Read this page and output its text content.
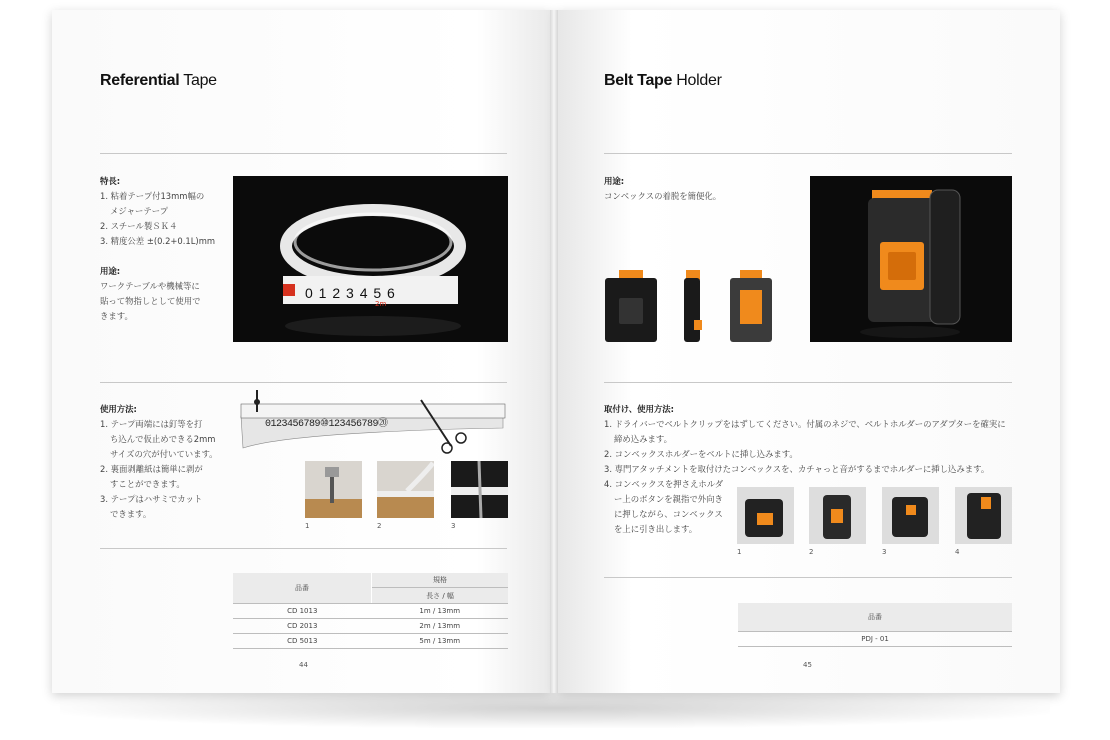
Referential Tape
特長:
1. 粘着テープ付13mm幅の
メジャーテープ
2. スチール製ＳＫ４
3. 精度公差 ±(0.2+0.1L)mm
用途:
ワークテーブルや機械等に
貼って物指しとして使用で
きます。
0 1 2 3 4 5 6
2m
使用方法:
1. テープ両端には釘等を打
ち込んで仮止めできる2mm
サイズの穴が付いています。
2. 裏面剥離紙は簡単に剥が
すことができます。
3. テープはハサミでカット
できます。
0123456789⑩123456789⑳
1	2	3
品番	規格
	長さ / 幅
CD 1013	1m / 13mm
CD 2013	2m / 13mm
CD 5013	5m / 13mm
44
Belt Tape Holder
用途:
コンベックスの着脱を簡便化。
取付け、使用方法:
1. ドライバーでベルトクリップをはずしてください。付属のネジで、ベルトホルダーのアダプターを確実に
締め込みます。
2. コンベックスホルダーをベルトに挿し込みます。
3. 専門アタッチメントを取付けたコンベックスを、カチャっと音がするまでホルダーに挿し込みます。
4. コンベックスを押さえホルダ
ー上のボタンを親指で外向き
に押しながら、コンベックス
を上に引き出します。
1	2	3	4
品番
PDJ - 01
45
